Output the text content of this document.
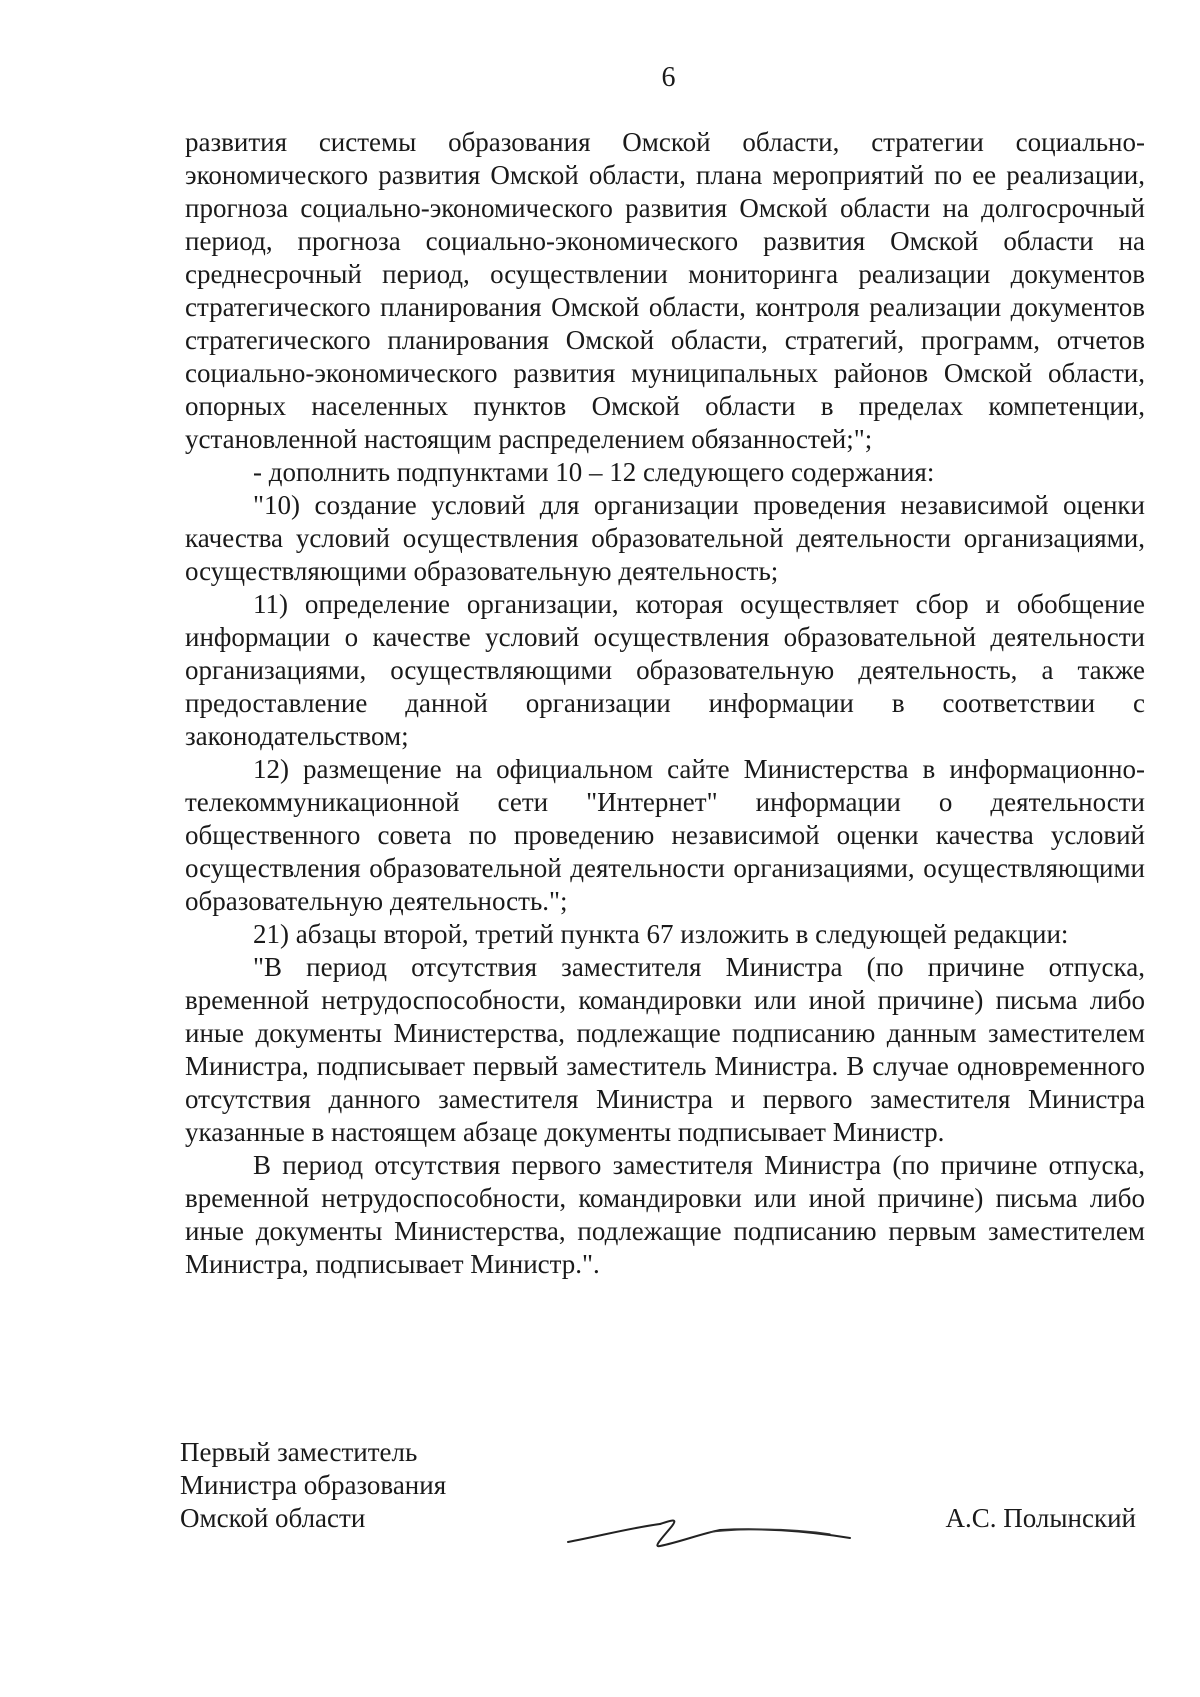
6

развития системы образования Омской области, стратегии социально-экономического развития Омской области, плана мероприятий по ее реализации, прогноза социально-экономического развития Омской области на долгосрочный период, прогноза социально-экономического развития Омской области на среднесрочный период, осуществлении мониторинга реализации документов стратегического планирования Омской области, контроля реализации документов стратегического планирования Омской области, стратегий, программ, отчетов социально-экономического развития муниципальных районов Омской области, опорных населенных пунктов Омской области в пределах компетенции, установленной настоящим распределением обязанностей;";

- дополнить подпунктами 10 – 12 следующего содержания:

"10) создание условий для организации проведения независимой оценки качества условий осуществления образовательной деятельности организациями, осуществляющими образовательную деятельность;

11) определение организации, которая осуществляет сбор и обобщение информации о качестве условий осуществления образовательной деятельности организациями, осуществляющими образовательную деятельность, а также предоставление данной организации информации в соответствии с законодательством;

12) размещение на официальном сайте Министерства в информационно-телекоммуникационной сети "Интернет" информации о деятельности общественного совета по проведению независимой оценки качества условий осуществления образовательной деятельности организациями, осуществляющими образовательную деятельность.";

21) абзацы второй, третий пункта 67 изложить в следующей редакции:

"В период отсутствия заместителя Министра (по причине отпуска, временной нетрудоспособности, командировки или иной причине) письма либо иные документы Министерства, подлежащие подписанию данным заместителем Министра, подписывает первый заместитель Министра. В случае одновременного отсутствия данного заместителя Министра и первого заместителя Министра указанные в настоящем абзаце документы подписывает Министр.

В период отсутствия первого заместителя Министра (по причине отпуска, временной нетрудоспособности, командировки или иной причине) письма либо иные документы Министерства, подлежащие подписанию первым заместителем Министра, подписывает Министр.".

Первый заместитель
Министра образования
Омской области	А.С. Полынский
